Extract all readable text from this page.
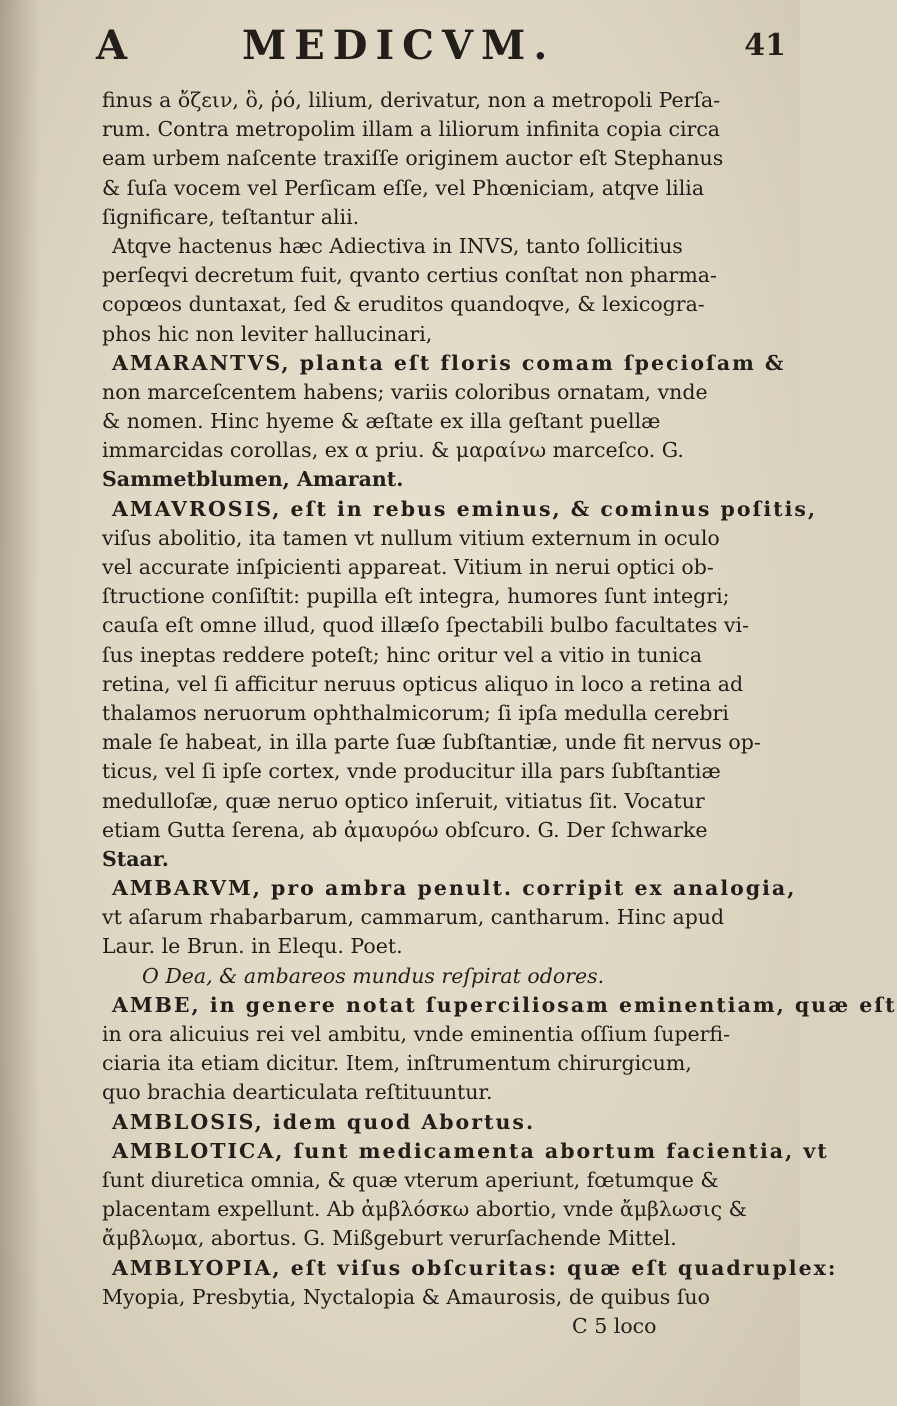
A	MEDICVM.	41
finus a ὄζειν, ὃ, ῥό, lilium, derivatur, non a metropoli Perſa-
rum. Contra metropolim illam a liliorum infinita copia circa
eam urbem naſcente traxiſſe originem auctor eſt Stephanus
& ſuſa vocem vel Perſicam eſſe, vel Phœniciam, atqve lilia
ſignificare, teſtantur alii.
Atqve hactenus hæc Adiectiva in INVS, tanto ſollicitius
perſeqvi decretum fuit, qvanto certius conſtat non pharma-
copœos duntaxat, ſed & eruditos quandoqve, & lexicogra-
phos hic non leviter hallucinari,
AMARANTVS, planta eſt floris comam ſpecioſam &
non marceſcentem habens; variis coloribus ornatam, vnde
& nomen. Hinc hyeme & æſtate ex illa geſtant puellæ
immarcidas corollas, ex α priu. & μαραίνω marceſco. G.
Sammetblumen, Amarant.
AMAVROSIS, eſt in rebus eminus, & cominus poſitis,
viſus abolitio, ita tamen vt nullum vitium externum in oculo
vel accurate inſpicienti appareat. Vitium in nerui optici ob-
ſtructione conſiſtit: pupilla eſt integra, humores ſunt integri;
cauſa eſt omne illud, quod illæſo ſpectabili bulbo facultates vi-
ſus ineptas reddere poteſt; hinc oritur vel a vitio in tunica
retina, vel ſi afficitur neruus opticus aliquo in loco a retina ad
thalamos neruorum ophthalmicorum; ſi ipſa medulla cerebri
male ſe habeat, in illa parte ſuæ ſubſtantiæ, unde fit nervus op-
ticus, vel ſi ipſe cortex, vnde producitur illa pars ſubſtantiæ
medulloſæ, quæ neruo optico inſeruit, vitiatus ſit. Vocatur
etiam Gutta ſerena, ab ἀμαυρόω obſcuro. G. Der ſchwarke
Staar.
AMBARVM, pro ambra penult. corripit ex analogia,
vt aſarum rhabarbarum, cammarum, cantharum. Hinc apud
Laur. le Brun. in Elequ. Poet.
O Dea, & ambareos mundus reſpirat odores.
AMBE, in genere notat ſuperciliosam eminentiam, quæ eſt
in ora alicuius rei vel ambitu, vnde eminentia oſſium ſuperfi-
ciaria ita etiam dicitur. Item, inſtrumentum chirurgicum,
quo brachia dearticulata reſtituuntur.
AMBLOSIS, idem quod Abortus.
AMBLOTICA, ſunt medicamenta abortum facientia, vt
ſunt diuretica omnia, & quæ vterum aperiunt, fœtumque &
placentam expellunt. Ab ἀμβλόσκω abortio, vnde ἄμβλωσις &
ἄμβλωμα, abortus. G. Mißgeburt verurſachende Mittel.
AMBLYOPIA, eſt viſus obſcuritas: quæ eſt quadruplex:
Myopia, Presbytia, Nyctalopia & Amaurosis, de quibus ſuo
C 5 loco
